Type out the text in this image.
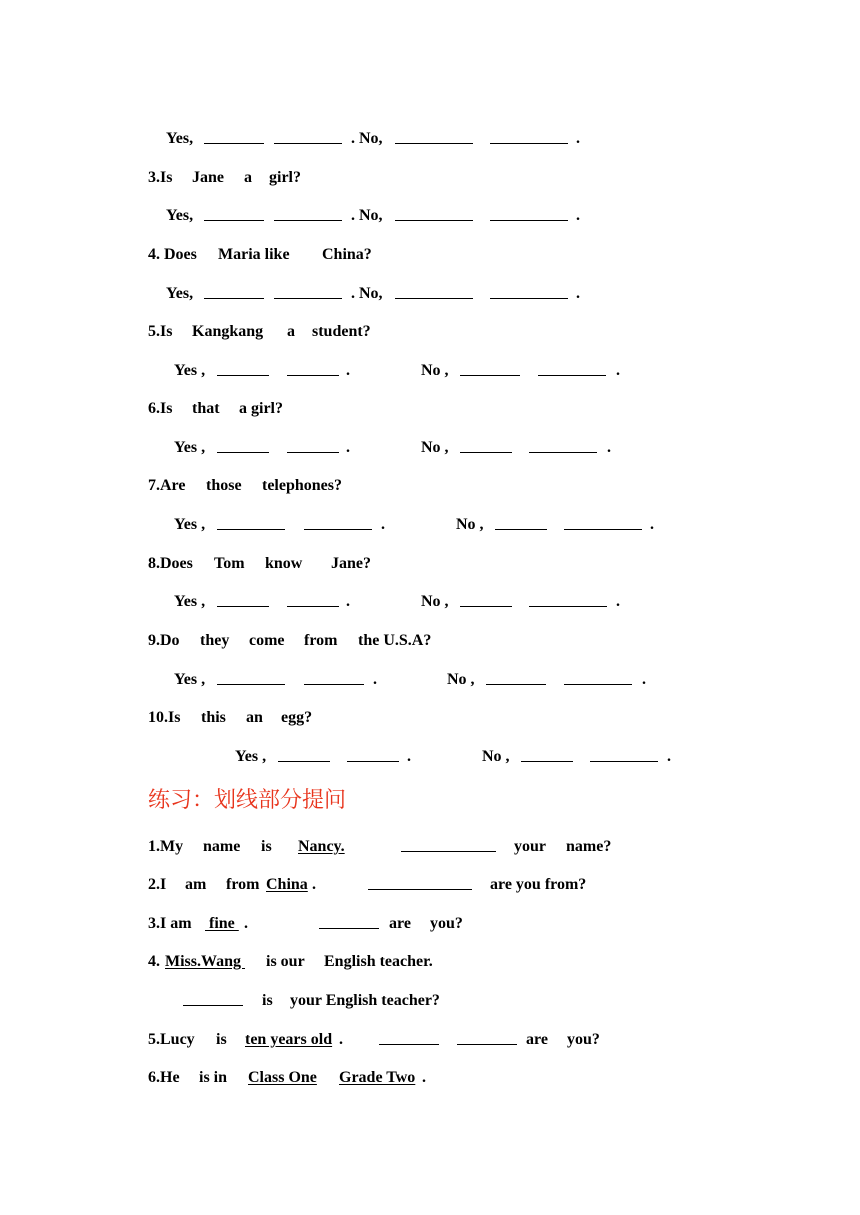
Yes,	. No,	.
3.Is Jane a girl?
Yes,	. No,	.
4. Does Maria like China?
Yes,	. No,	.
5.Is Kangkang a student?
Yes ,	.	No ,	.
6.Is that a girl?
Yes ,	.	No ,	.
7.Are those telephones?
Yes ,	.	No ,	.
8.Does Tom know Jane?
Yes ,	.	No ,	.
9.Do they come from the U.S.A?
Yes ,	.	No ,	.
10.Is this an egg?
Yes ,	.	No ,	.
练习：划线部分提问
1.My name is Nancy.	your name?
2.I am from China .	are you from?
3.I am fine .	are you?
4. Miss.Wang is our English teacher.
is your English teacher?
5.Lucy is ten years old .	are you?
6.He is in Class One Grade Two .
